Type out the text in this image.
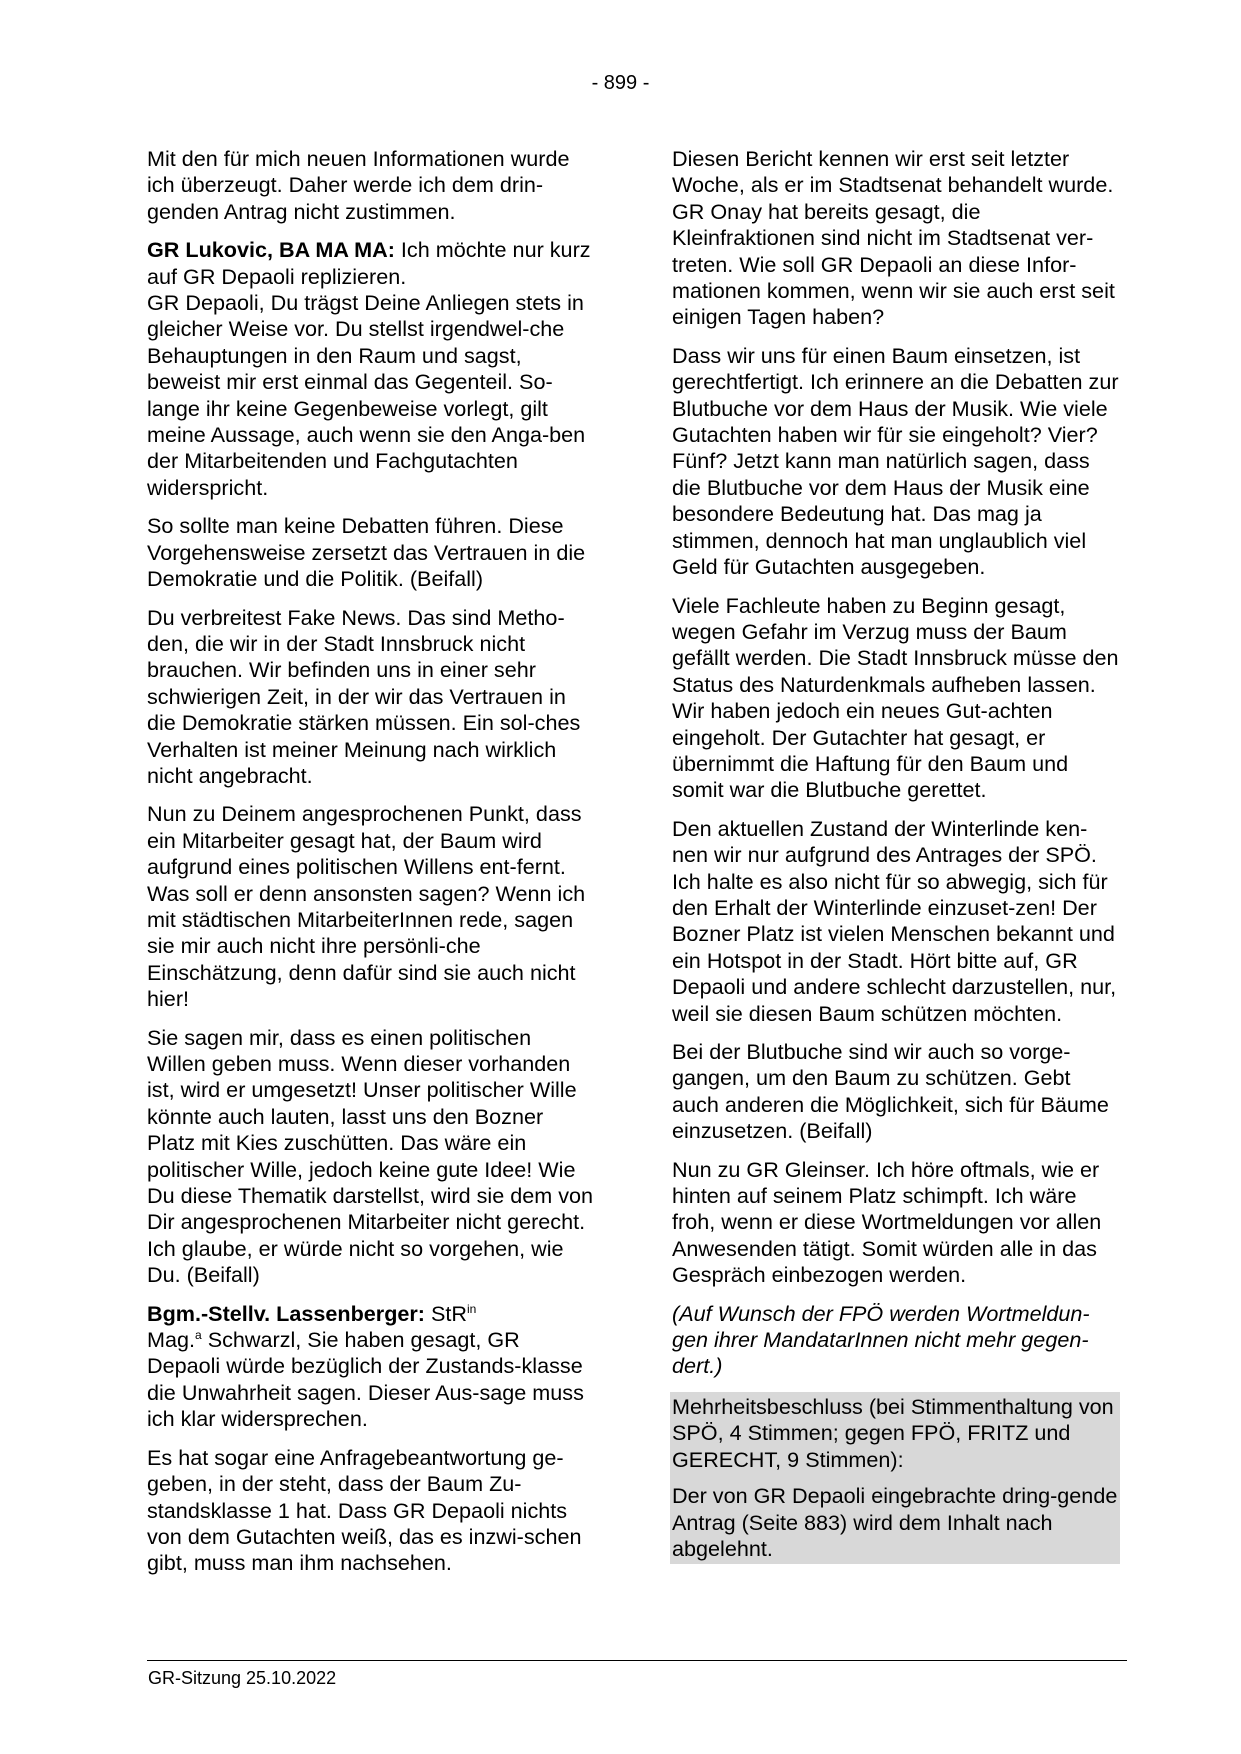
- 899 -

Mit den für mich neuen Informationen wurde ich überzeugt. Daher werde ich dem drin-genden Antrag nicht zustimmen.

GR Lukovic, BA MA MA: Ich möchte nur kurz auf GR Depaoli replizieren.

GR Depaoli, Du trägst Deine Anliegen stets in gleicher Weise vor. Du stellst irgendwel-che Behauptungen in den Raum und sagst, beweist mir erst einmal das Gegenteil. So-lange ihr keine Gegenbeweise vorlegt, gilt meine Aussage, auch wenn sie den Anga-ben der Mitarbeitenden und Fachgutachten widerspricht.

So sollte man keine Debatten führen. Diese Vorgehensweise zersetzt das Vertrauen in die Demokratie und die Politik. (Beifall)

Du verbreitest Fake News. Das sind Metho-den, die wir in der Stadt Innsbruck nicht brauchen. Wir befinden uns in einer sehr schwierigen Zeit, in der wir das Vertrauen in die Demokratie stärken müssen. Ein sol-ches Verhalten ist meiner Meinung nach wirklich nicht angebracht.

Nun zu Deinem angesprochenen Punkt, dass ein Mitarbeiter gesagt hat, der Baum wird aufgrund eines politischen Willens ent-fernt. Was soll er denn ansonsten sagen? Wenn ich mit städtischen MitarbeiterInnen rede, sagen sie mir auch nicht ihre persönli-che Einschätzung, denn dafür sind sie auch nicht hier!

Sie sagen mir, dass es einen politischen Willen geben muss. Wenn dieser vorhanden ist, wird er umgesetzt! Unser politischer Wille könnte auch lauten, lasst uns den Bozner Platz mit Kies zuschütten. Das wäre ein politischer Wille, jedoch keine gute Idee! Wie Du diese Thematik darstellst, wird sie dem von Dir angesprochenen Mitarbeiter nicht gerecht. Ich glaube, er würde nicht so vorgehen, wie Du. (Beifall)

Bgm.-Stellv. Lassenberger: StR$^{in}$
Mag.$^a$ Schwarzl, Sie haben gesagt, GR Depaoli würde bezüglich der Zustands-klasse die Unwahrheit sagen. Dieser Aus-sage muss ich klar widersprechen.

Es hat sogar eine Anfragebeantwortung ge-geben, in der steht, dass der Baum Zu-standsklasse 1 hat. Dass GR Depaoli nichts von dem Gutachten weiß, das es inzwi-schen gibt, muss man ihm nachsehen.

Diesen Bericht kennen wir erst seit letzter Woche, als er im Stadtsenat behandelt wurde. GR Onay hat bereits gesagt, die Kleinfraktionen sind nicht im Stadtsenat ver-treten. Wie soll GR Depaoli an diese Infor-mationen kommen, wenn wir sie auch erst seit einigen Tagen haben?

Dass wir uns für einen Baum einsetzen, ist gerechtfertigt. Ich erinnere an die Debatten zur Blutbuche vor dem Haus der Musik. Wie viele Gutachten haben wir für sie eingeholt? Vier? Fünf? Jetzt kann man natürlich sagen, dass die Blutbuche vor dem Haus der Musik eine besondere Bedeutung hat. Das mag ja stimmen, dennoch hat man unglaublich viel Geld für Gutachten ausgegeben.

Viele Fachleute haben zu Beginn gesagt, wegen Gefahr im Verzug muss der Baum gefällt werden. Die Stadt Innsbruck müsse den Status des Naturdenkmals aufheben lassen. Wir haben jedoch ein neues Gut-achten eingeholt. Der Gutachter hat gesagt, er übernimmt die Haftung für den Baum und somit war die Blutbuche gerettet.

Den aktuellen Zustand der Winterlinde ken-nen wir nur aufgrund des Antrages der SPÖ. Ich halte es also nicht für so abwegig, sich für den Erhalt der Winterlinde einzuset-zen! Der Bozner Platz ist vielen Menschen bekannt und ein Hotspot in der Stadt. Hört bitte auf, GR Depaoli und andere schlecht darzustellen, nur, weil sie diesen Baum schützen möchten.

Bei der Blutbuche sind wir auch so vorge-gangen, um den Baum zu schützen. Gebt auch anderen die Möglichkeit, sich für Bäume einzusetzen. (Beifall)

Nun zu GR Gleinser. Ich höre oftmals, wie er hinten auf seinem Platz schimpft. Ich wäre froh, wenn er diese Wortmeldungen vor allen Anwesenden tätigt. Somit würden alle in das Gespräch einbezogen werden.

(Auf Wunsch der FPÖ werden Wortmeldun-gen ihrer MandatarInnen nicht mehr gegen-dert.)

Mehrheitsbeschluss (bei Stimmenthaltung von SPÖ, 4 Stimmen; gegen FPÖ, FRITZ und GERECHT, 9 Stimmen):

Der von GR Depaoli eingebrachte dring-gende Antrag (Seite 883) wird dem Inhalt nach abgelehnt.

GR-Sitzung 25.10.2022
